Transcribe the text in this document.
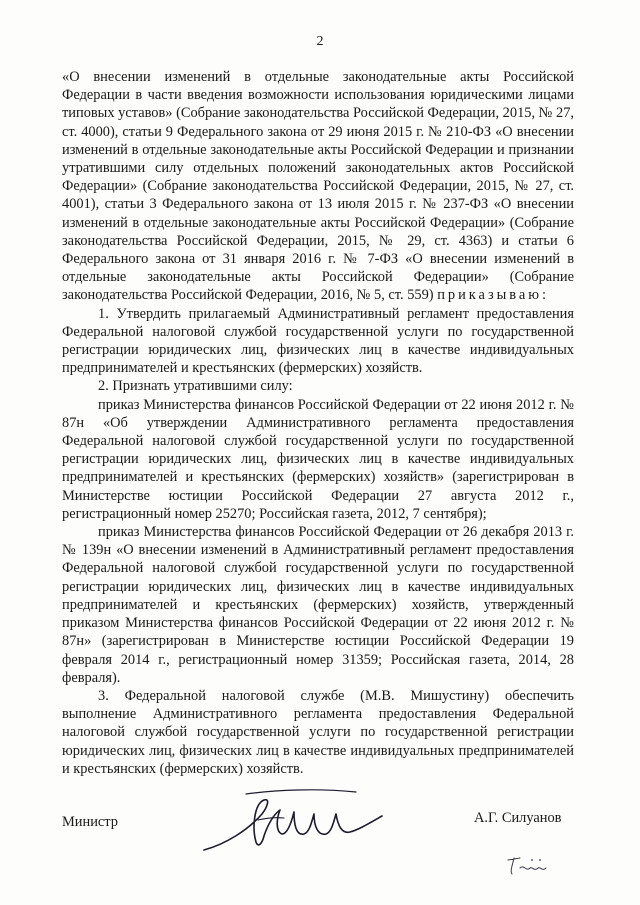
2

«О внесении изменений в отдельные законодательные акты Российской Федерации в части введения возможности использования юридическими лицами типовых уставов» (Собрание законодательства Российской Федерации, 2015, № 27, ст. 4000), статьи 9 Федерального закона от 29 июня 2015 г. № 210-ФЗ «О внесении изменений в отдельные законодательные акты Российской Федерации и признании утратившими силу отдельных положений законодательных актов Российской Федерации» (Собрание законодательства Российской Федерации, 2015, № 27, ст. 4001), статьи 3 Федерального закона от 13 июля 2015 г. № 237-ФЗ «О внесении изменений в отдельные законодательные акты Российской Федерации» (Собрание законодательства Российской Федерации, 2015, № 29, ст. 4363) и статьи 6 Федерального закона от 31 января 2016 г. № 7-ФЗ «О внесении изменений в отдельные законодательные акты Российской Федерации» (Собрание законодательства Российской Федерации, 2016, № 5, ст. 559) приказываю:

1. Утвердить прилагаемый Административный регламент предоставления Федеральной налоговой службой государственной услуги по государственной регистрации юридических лиц, физических лиц в качестве индивидуальных предпринимателей и крестьянских (фермерских) хозяйств.

2. Признать утратившими силу:

приказ Министерства финансов Российской Федерации от 22 июня 2012 г. № 87н «Об утверждении Административного регламента предоставления Федеральной налоговой службой государственной услуги по государственной регистрации юридических лиц, физических лиц в качестве индивидуальных предпринимателей и крестьянских (фермерских) хозяйств» (зарегистрирован в Министерстве юстиции Российской Федерации 27 августа 2012 г., регистрационный номер 25270; Российская газета, 2012, 7 сентября);

приказ Министерства финансов Российской Федерации от 26 декабря 2013 г. № 139н «О внесении изменений в Административный регламент предоставления Федеральной налоговой службой государственной услуги по государственной регистрации юридических лиц, физических лиц в качестве индивидуальных предпринимателей и крестьянских (фермерских) хозяйств, утвержденный приказом Министерства финансов Российской Федерации от 22 июня 2012 г. № 87н» (зарегистрирован в Министерстве юстиции Российской Федерации 19 февраля 2014 г., регистрационный номер 31359; Российская газета, 2014, 28 февраля).

3. Федеральной налоговой службе (М.В. Мишустину) обеспечить выполнение Административного регламента предоставления Федеральной налоговой службой государственной услуги по государственной регистрации юридических лиц, физических лиц в качестве индивидуальных предпринимателей и крестьянских (фермерских) хозяйств.

Министр	А.Г. Силуанов
